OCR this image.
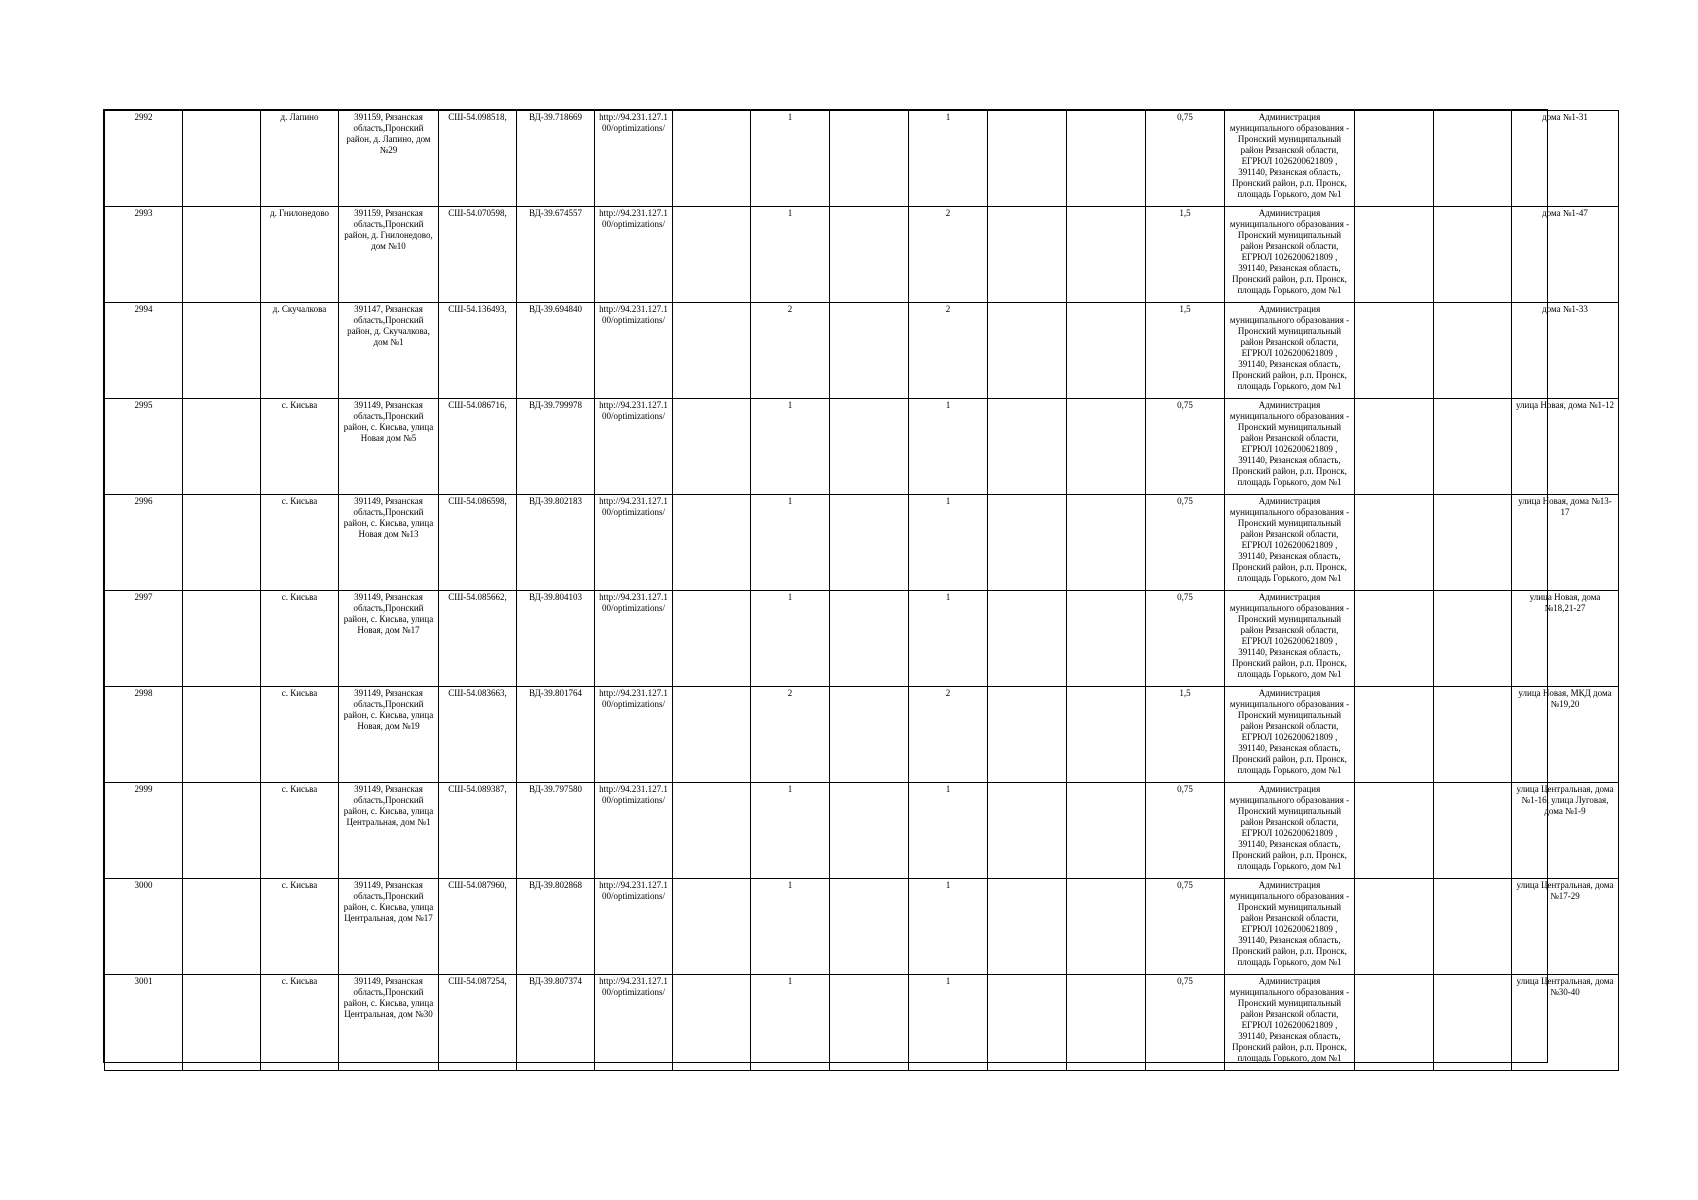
2992		д. Лапино	391159, Рязанская область,Пронский район, д. Лапино, дом №29	СШ-54.098518,	ВД-39.718669	http://94.231.127.100/optimizations/		1		1			0,75	Администрация муниципального образования - Пронский муниципальный район Рязанской области, ЕГРЮЛ 1026200621809 , 391140, Рязанская область, Пронский район, р.п. Пронск, площадь Горького, дом №1			дома №1-31
2993		д. Гнилонедово	391159, Рязанская область,Пронский район, д. Гнилонедово, дом №10	СШ-54.070598,	ВД-39.674557	http://94.231.127.100/optimizations/		1		2			1,5	Администрация муниципального образования - Пронский муниципальный район Рязанской области, ЕГРЮЛ 1026200621809 , 391140, Рязанская область, Пронский район, р.п. Пронск, площадь Горького, дом №1			дома №1-47
2994		д. Скучалкова	391147, Рязанская область,Пронский район, д. Скучалкова, дом №1	СШ-54.136493,	ВД-39.694840	http://94.231.127.100/optimizations/		2		2			1,5	Администрация муниципального образования - Пронский муниципальный район Рязанской области, ЕГРЮЛ 1026200621809 , 391140, Рязанская область, Пронский район, р.п. Пронск, площадь Горького, дом №1			дома №1-33
2995		с. Кисьва	391149, Рязанская область,Пронский район, с. Кисьва, улица Новая дом №5	СШ-54.086716,	ВД-39.799978	http://94.231.127.100/optimizations/		1		1			0,75	Администрация муниципального образования - Пронский муниципальный район Рязанской области, ЕГРЮЛ 1026200621809 , 391140, Рязанская область, Пронский район, р.п. Пронск, площадь Горького, дом №1			улица Новая, дома №1-12
2996		с. Кисьва	391149, Рязанская область,Пронский район, с. Кисьва, улица Новая дом №13	СШ-54.086598,	ВД-39.802183	http://94.231.127.100/optimizations/		1		1			0,75	Администрация муниципального образования - Пронский муниципальный район Рязанской области, ЕГРЮЛ 1026200621809 , 391140, Рязанская область, Пронский район, р.п. Пронск, площадь Горького, дом №1			улица Новая, дома №13-17
2997		с. Кисьва	391149, Рязанская область,Пронский район, с. Кисьва, улица Новая, дом №17	СШ-54.085662,	ВД-39.804103	http://94.231.127.100/optimizations/		1		1			0,75	Администрация муниципального образования - Пронский муниципальный район Рязанской области, ЕГРЮЛ 1026200621809 , 391140, Рязанская область, Пронский район, р.п. Пронск, площадь Горького, дом №1			улица Новая, дома №18,21-27
2998		с. Кисьва	391149, Рязанская область,Пронский район, с. Кисьва, улица Новая, дом №19	СШ-54.083663,	ВД-39.801764	http://94.231.127.100/optimizations/		2		2			1,5	Администрация муниципального образования - Пронский муниципальный район Рязанской области, ЕГРЮЛ 1026200621809 , 391140, Рязанская область, Пронский район, р.п. Пронск, площадь Горького, дом №1			улица Новая, МКД дома №19,20
2999		с. Кисьва	391149, Рязанская область,Пронский район, с. Кисьва, улица Центральная, дом №1	СШ-54.089387,	ВД-39.797580	http://94.231.127.100/optimizations/		1		1			0,75	Администрация муниципального образования - Пронский муниципальный район Рязанской области, ЕГРЮЛ 1026200621809 , 391140, Рязанская область, Пронский район, р.п. Пронск, площадь Горького, дом №1			улица Центральная, дома №1-16, улица Луговая, дома №1-9
3000		с. Кисьва	391149, Рязанская область,Пронский район, с. Кисьва, улица Центральная, дом №17	СШ-54.087960,	ВД-39.802868	http://94.231.127.100/optimizations/		1		1			0,75	Администрация муниципального образования - Пронский муниципальный район Рязанской области, ЕГРЮЛ 1026200621809 , 391140, Рязанская область, Пронский район, р.п. Пронск, площадь Горького, дом №1			улица Центральная, дома №17-29
3001		с. Кисьва	391149, Рязанская область,Пронский район, с. Кисьва, улица Центральная, дом №30	СШ-54.087254,	ВД-39.807374	http://94.231.127.100/optimizations/		1		1			0,75	Администрация муниципального образования - Пронский муниципальный район Рязанской области, ЕГРЮЛ 1026200621809 , 391140, Рязанская область, Пронский район, р.п. Пронск, площадь Горького, дом №1			улица Центральная, дома №30-40
